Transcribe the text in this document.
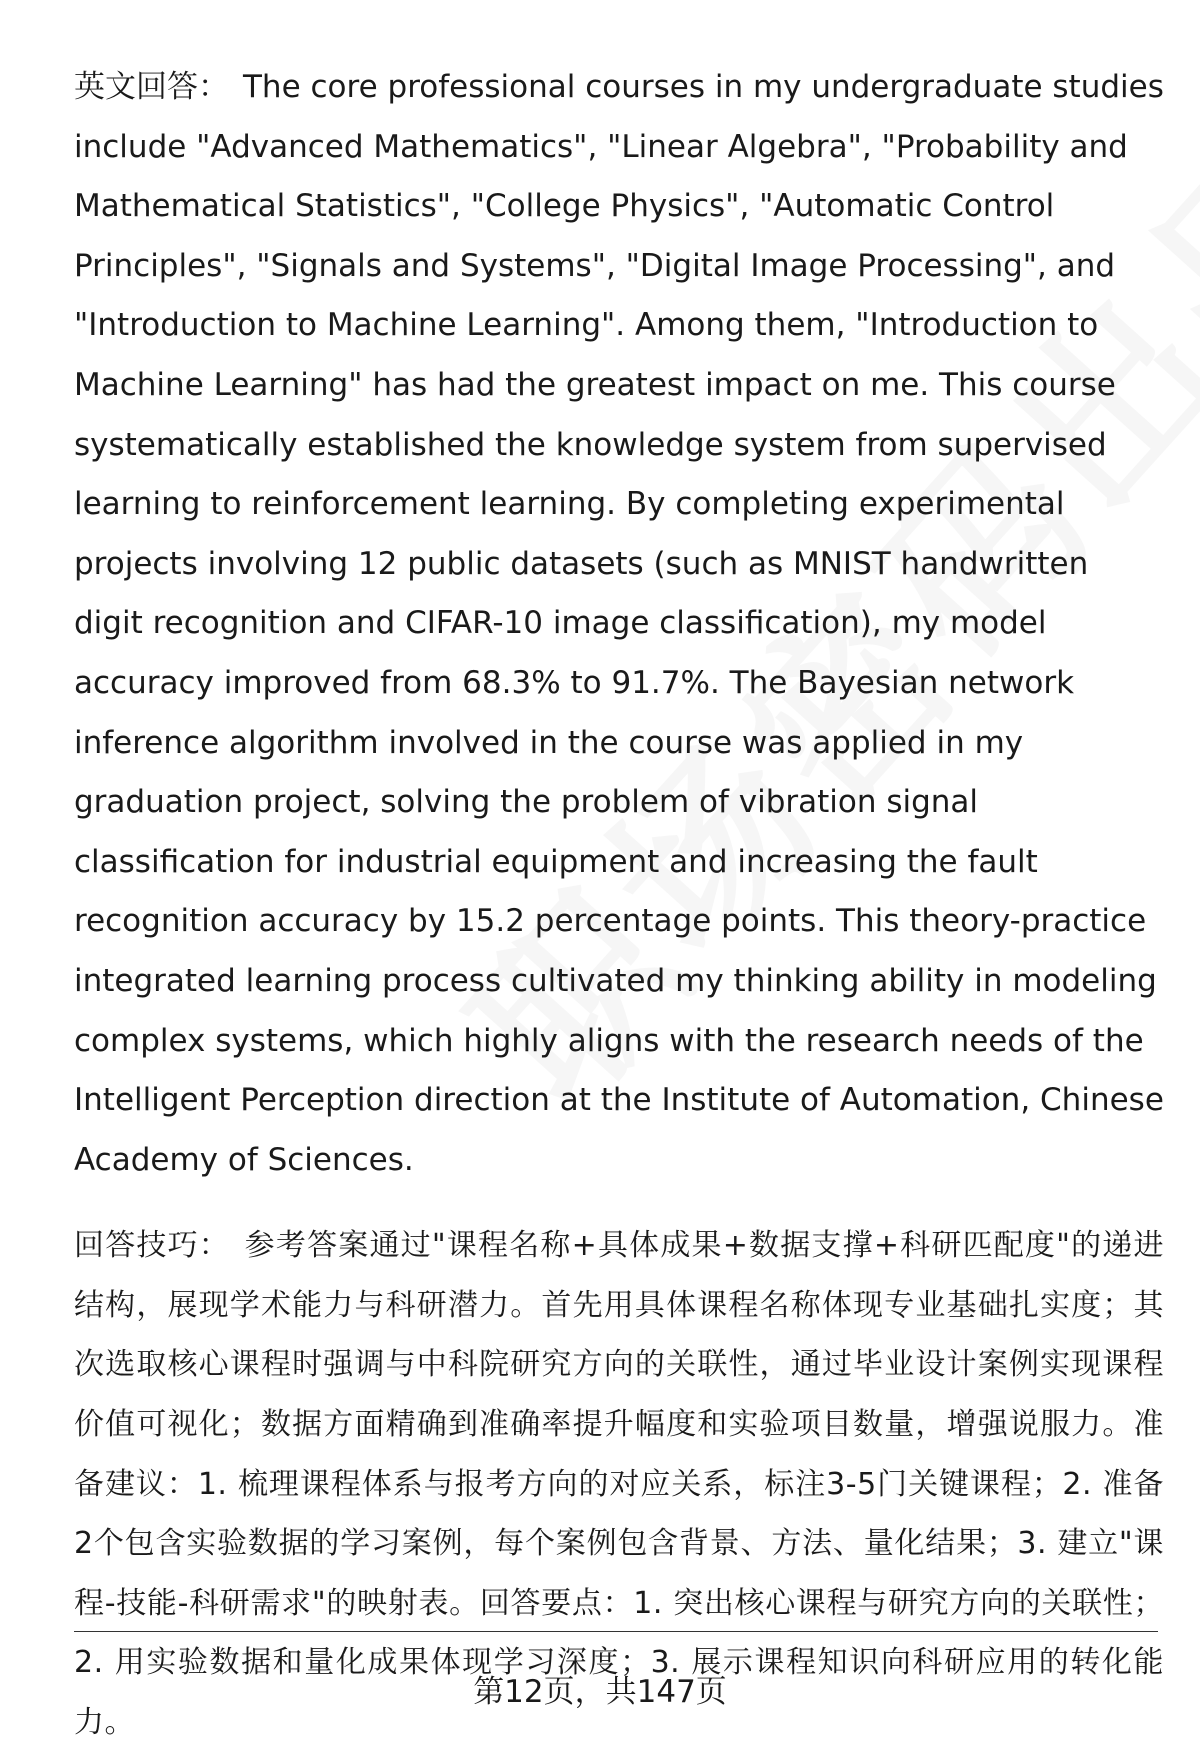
英文回答： The core professional courses in my undergraduate studies include "Advanced Mathematics", "Linear Algebra", "Probability and Mathematical Statistics", "College Physics", "Automatic Control Principles", "Signals and Systems", "Digital Image Processing", and "Introduction to Machine Learning". Among them, "Introduction to Machine Learning" has had the greatest impact on me. This course systematically established the knowledge system from supervised learning to reinforcement learning. By completing experimental projects involving 12 public datasets (such as MNIST handwritten digit recognition and CIFAR-10 image classification), my model accuracy improved from 68.3% to 91.7%. The Bayesian network inference algorithm involved in the course was applied in my graduation project, solving the problem of vibration signal classification for industrial equipment and increasing the fault recognition accuracy by 15.2 percentage points. This theory-practice integrated learning process cultivated my thinking ability in modeling complex systems, which highly aligns with the research needs of the Intelligent Perception direction at the Institute of Automation, Chinese Academy of Sciences.

回答技巧： 参考答案通过"课程名称+具体成果+数据支撑+科研匹配度"的递进结构，展现学术能力与科研潜力。首先用具体课程名称体现专业基础扎实度；其次选取核心课程时强调与中科院研究方向的关联性，通过毕业设计案例实现课程价值可视化；数据方面精确到准确率提升幅度和实验项目数量，增强说服力。准备建议：1. 梳理课程体系与报考方向的对应关系，标注3-5门关键课程；2. 准备2个包含实验数据的学习案例，每个案例包含背景、方法、量化结果；3. 建立"课程-技能-科研需求"的映射表。回答要点：1. 突出核心课程与研究方向的关联性；2. 用实验数据和量化成果体现学习深度；3. 展示课程知识向科研应用的转化能力。

第12页，共147页
